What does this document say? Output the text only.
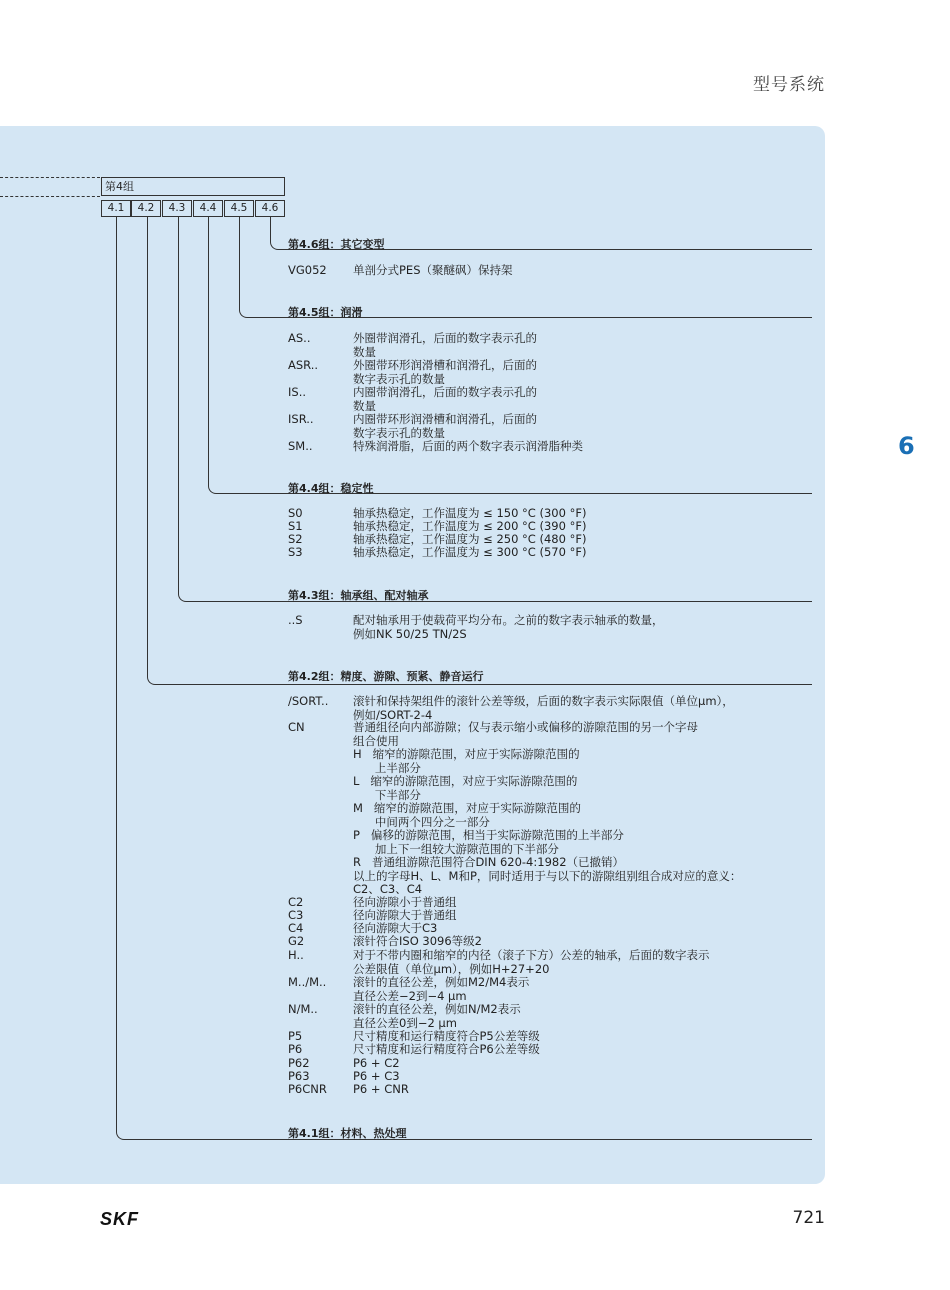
型号系统
6
第4组
4.1	4.2	4.3	4.4	4.5	4.6
第4.6组：其它变型
VG052	单剖分式PES（聚醚砜）保持架
第4.5组：润滑
AS..	外圈带润滑孔，后面的数字表示孔的
数量
ASR..	外圈带环形润滑槽和润滑孔，后面的
数字表示孔的数量
IS..	内圈带润滑孔，后面的数字表示孔的
数量
ISR..	内圈带环形润滑槽和润滑孔，后面的
数字表示孔的数量
SM..	特殊润滑脂，后面的两个数字表示润滑脂种类
第4.4组：稳定性
S0	轴承热稳定，工作温度为 ≤ 150 °C (300 °F)
S1	轴承热稳定，工作温度为 ≤ 200 °C (390 °F)
S2	轴承热稳定，工作温度为 ≤ 250 °C (480 °F)
S3	轴承热稳定，工作温度为 ≤ 300 °C (570 °F)
第4.3组：轴承组、配对轴承
..S	配对轴承用于使载荷平均分布。之前的数字表示轴承的数量，
例如NK 50/25 TN/2S
第4.2组：精度、游隙、预紧、静音运行
/SORT..	滚针和保持架组件的滚针公差等级，后面的数字表示实际限值（单位μm），
例如/SORT-2-4
CN	普通组径向内部游隙；仅与表示缩小或偏移的游隙范围的另一个字母
组合使用
H   缩窄的游隙范围，对应于实际游隙范围的
上半部分
L   缩窄的游隙范围，对应于实际游隙范围的
下半部分
M   缩窄的游隙范围，对应于实际游隙范围的
中间两个四分之一部分
P   偏移的游隙范围，相当于实际游隙范围的上半部分
加上下一组较大游隙范围的下半部分
R   普通组游隙范围符合DIN 620-4:1982（已撤销）
以上的字母H、L、M和P，同时适用于与以下的游隙组别组合成对应的意义：
C2、C3、C4
C2	径向游隙小于普通组
C3	径向游隙大于普通组
C4	径向游隙大于C3
G2	滚针符合ISO 3096等级2
H..	对于不带内圈和缩窄的内径（滚子下方）公差的轴承，后面的数字表示
公差限值（单位μm），例如H+27+20
M../M..	滚针的直径公差，例如M2/M4表示
直径公差−2到−4 μm
N/M..	滚针的直径公差，例如N/M2表示
直径公差0到−2 μm
P5	尺寸精度和运行精度符合P5公差等级
P6	尺寸精度和运行精度符合P6公差等级
P62	P6 + C2
P63	P6 + C3
P6CNR	P6 + CNR
第4.1组：材料、热处理
SKF	721
